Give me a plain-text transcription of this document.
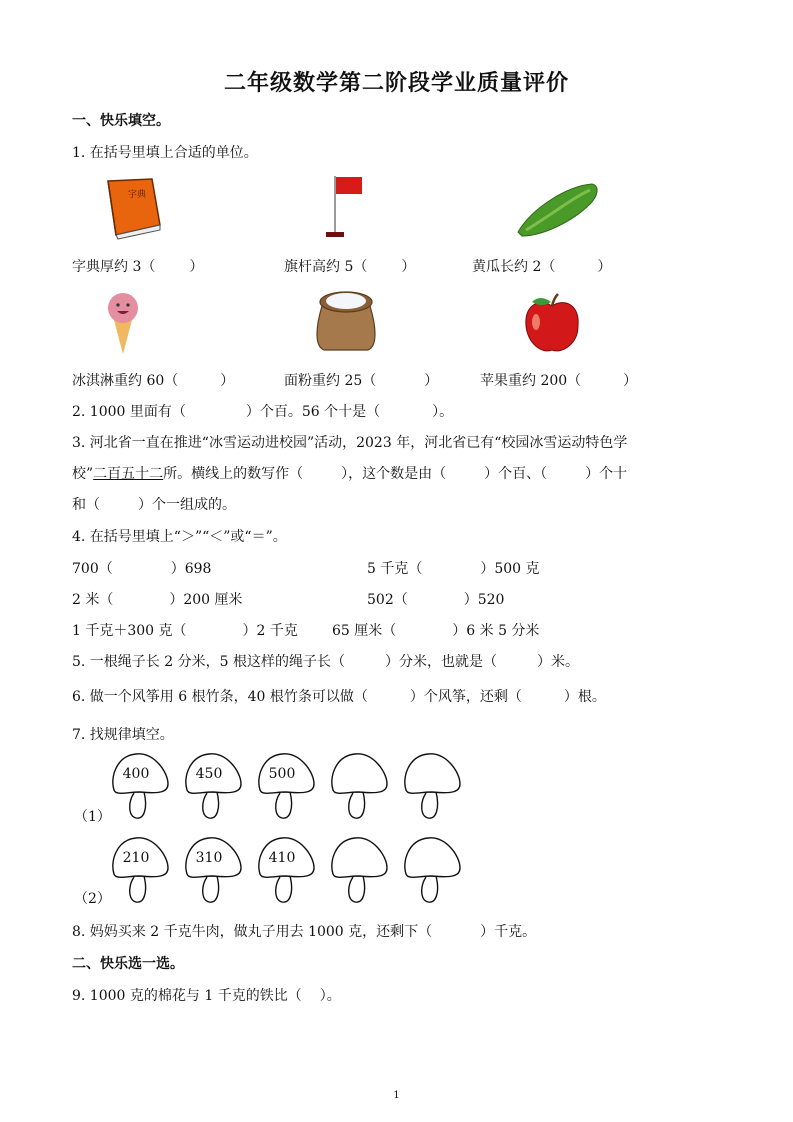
二年级数学第二阶段学业质量评价
一、快乐填空。
1. 在括号里填上合适的单位。
字典
字典厚约 3（ ）	旗杆高约 5（ ）	黄瓜长约 2（	）
冰淇淋重约 60（	）	面粉重约 25（	）	苹果重约 200（	）
2. 1000 里面有（	）个百。56 个十是（	）。
3. 河北省一直在推进“冰雪运动进校园”活动，2023 年，河北省已有“校园冰雪运动特色学
校”二百五十二所。横线上的数写作（	），这个数是由（	）个百、（	）个十
和（	）个一组成的。
4. 在括号里填上“＞”“＜”或“＝”。
700（	）698	5 千克（	）500 克
2 米（	）200 厘米	502（	）520
1 千克＋300 克（	）2 千克 65 厘米（	）6 米 5 分米
5. 一根绳子长 2 分米，5 根这样的绳子长（	）分米，也就是（	）米。
6. 做一个风筝用 6 根竹条，40 根竹条可以做（	）个风筝，还剩（	）根。
7. 找规律填空。
（1）
（2）
400	450	500
210	310	410
8. 妈妈买来 2 千克牛肉，做丸子用去 1000 克，还剩下（	）千克。
二、快乐选一选。
9. 1000 克的棉花与 1 千克的铁比（ ）。
1
